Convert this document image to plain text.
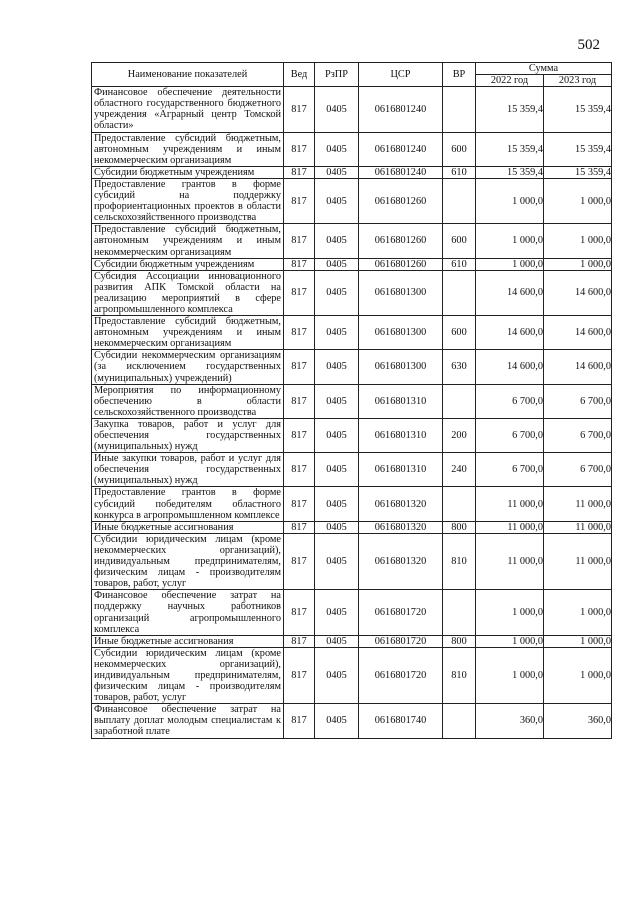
502
Наименование показателей	Вед	РзПР	ЦСР	ВР	Сумма	
					2022 год	2023 год
Финансовое обеспечение деятельности областного государственного бюджетного учреждения «Аграрный центр Томской области»	817	0405	0616801240		15 359,4	15 359,4
Предоставление субсидий бюджетным, автономным учреждениям и иным некоммерческим организациям	817	0405	0616801240	600	15 359,4	15 359,4
Субсидии бюджетным учреждениям	817	0405	0616801240	610	15 359,4	15 359,4
Предоставление грантов в форме субсидий на поддержку профориентационных проектов в области сельскохозяйственного производства	817	0405	0616801260		1 000,0	1 000,0
Предоставление субсидий бюджетным, автономным учреждениям и иным некоммерческим организациям	817	0405	0616801260	600	1 000,0	1 000,0
Субсидии бюджетным учреждениям	817	0405	0616801260	610	1 000,0	1 000,0
Субсидия Ассоциации инновационного развития АПК Томской области на реализацию мероприятий в сфере агропромышленного комплекса	817	0405	0616801300		14 600,0	14 600,0
Предоставление субсидий бюджетным, автономным учреждениям и иным некоммерческим организациям	817	0405	0616801300	600	14 600,0	14 600,0
Субсидии некоммерческим организациям (за исключением государственных (муниципальных) учреждений)	817	0405	0616801300	630	14 600,0	14 600,0
Мероприятия по информационному обеспечению в области сельскохозяйственного производства	817	0405	0616801310		6 700,0	6 700,0
Закупка товаров, работ и услуг для обеспечения государственных (муниципальных) нужд	817	0405	0616801310	200	6 700,0	6 700,0
Иные закупки товаров, работ и услуг для обеспечения государственных (муниципальных) нужд	817	0405	0616801310	240	6 700,0	6 700,0
Предоставление грантов в форме субсидий победителям областного конкурса в агропромышленном комплексе	817	0405	0616801320		11 000,0	11 000,0
Иные бюджетные ассигнования	817	0405	0616801320	800	11 000,0	11 000,0
Субсидии юридическим лицам (кроме некоммерческих организаций), индивидуальным предпринимателям, физическим лицам - производителям товаров, работ, услуг	817	0405	0616801320	810	11 000,0	11 000,0
Финансовое обеспечение затрат на поддержку научных работников организаций агропромышленного комплекса	817	0405	0616801720		1 000,0	1 000,0
Иные бюджетные ассигнования	817	0405	0616801720	800	1 000,0	1 000,0
Субсидии юридическим лицам (кроме некоммерческих организаций), индивидуальным предпринимателям, физическим лицам - производителям товаров, работ, услуг	817	0405	0616801720	810	1 000,0	1 000,0
Финансовое обеспечение затрат на выплату доплат молодым специалистам к заработной плате	817	0405	0616801740		360,0	360,0
